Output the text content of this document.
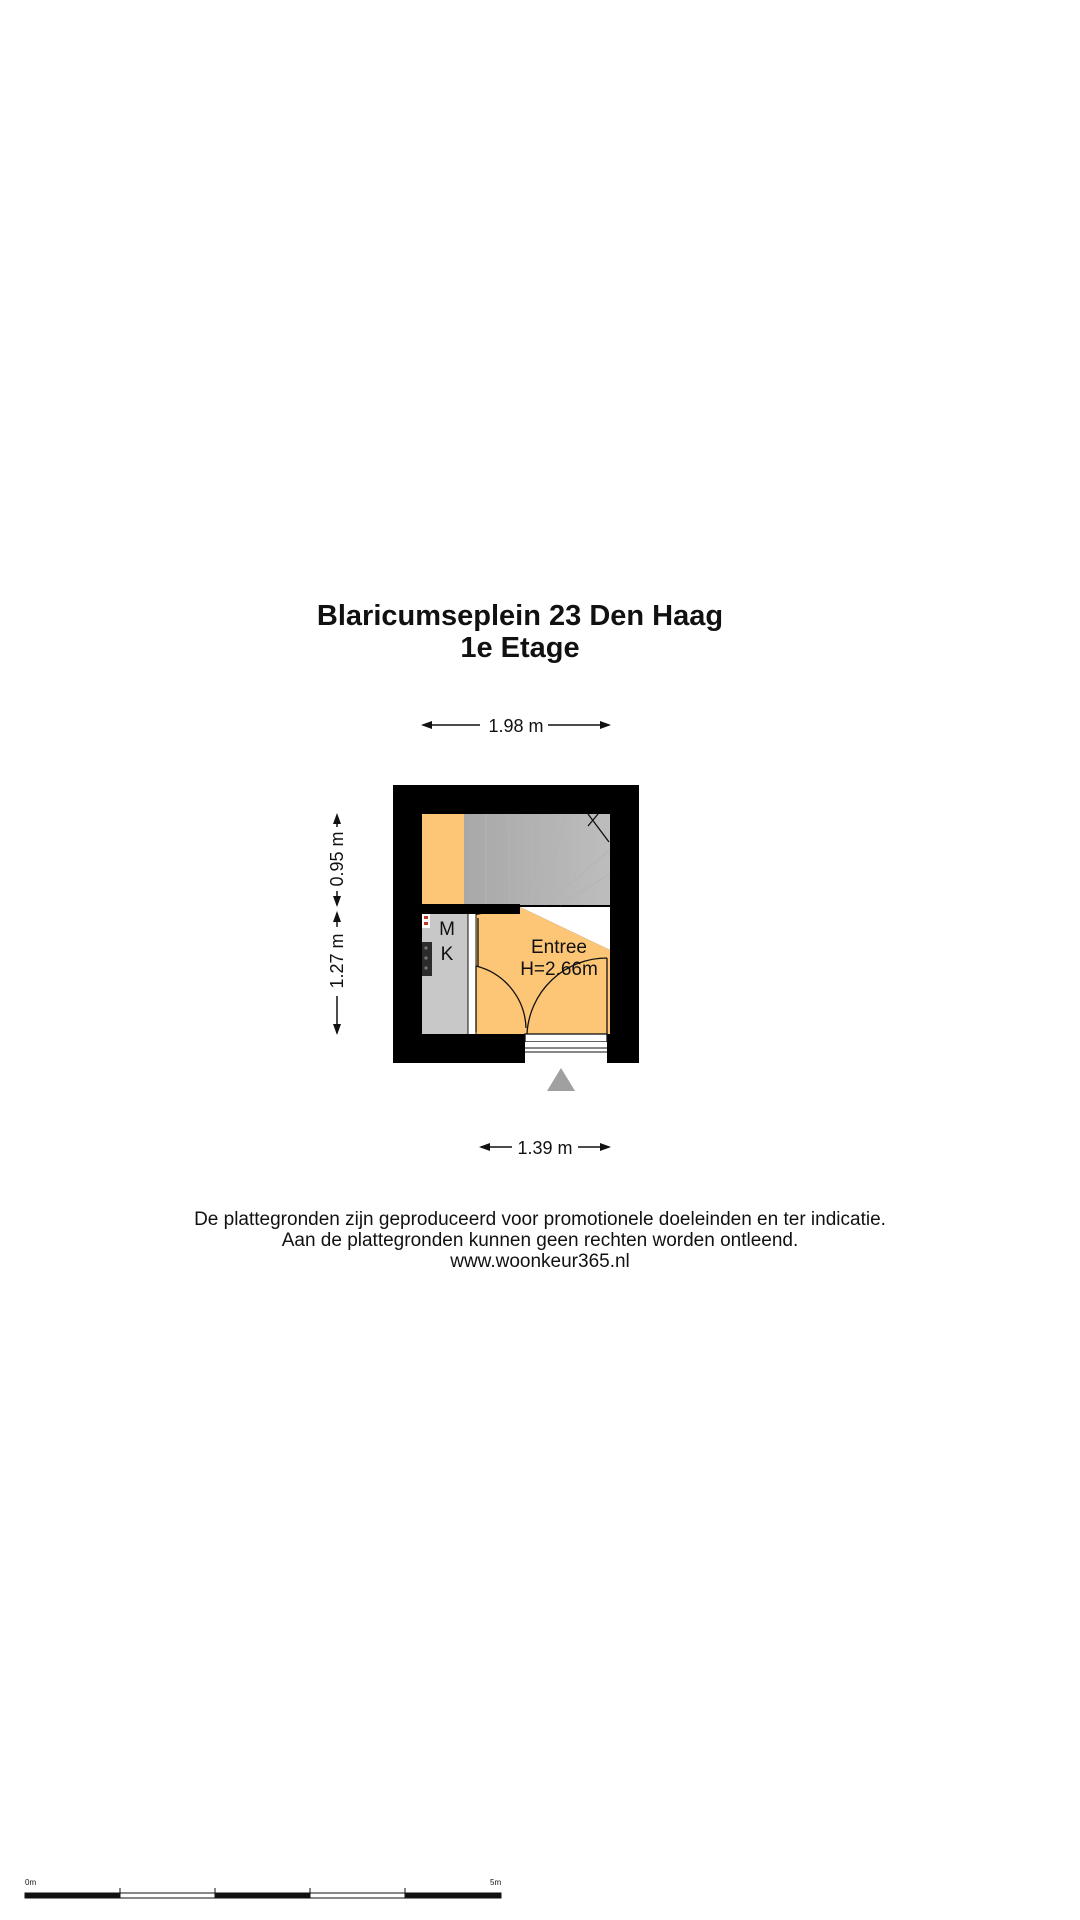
Blaricumseplein 23 Den Haag
1e Etage
1.98 m
0.95 m
1.27 m
M
K	Entree
H=2.66m
1.39 m
0m	5m
De plattegronden zijn geproduceerd voor promotionele doeleinden en ter indicatie.
Aan de plattegronden kunnen geen rechten worden ontleend.
www.woonkeur365.nl
